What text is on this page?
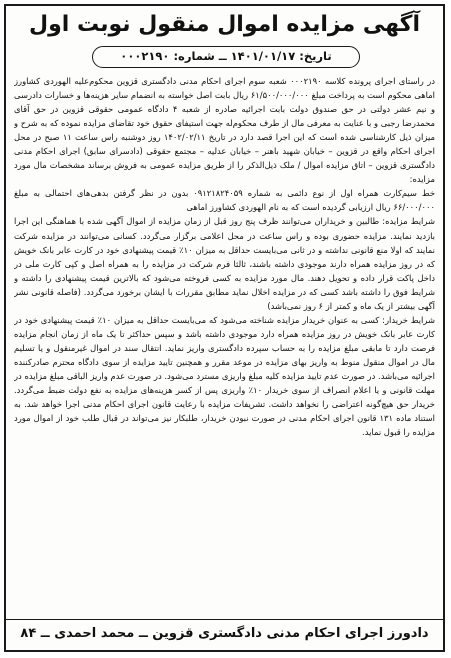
آگهی مزایده اموال منقول نوبت اول
تاریخ: ۱۴۰۱/۰۱/۱۷ ــ شماره: ۰۰۰۲۱۹۰

در راستای اجرای پرونده کلاسه ۰۰۰۲۱۹۰ شعبه سوم اجرای احکام مدنی دادگستری قزوین محکوم‌علیه الهوردی کشاورز اماهی محکوم است به پرداخت مبلغ ۶۱/۵۰۰/۰۰۰/۰۰۰ ریال بابت اصل خواسته به انضمام سایر هزینه‌ها و خسارات دادرسی و نیم عشر دولتی در حق صندوق دولت بابت اجرائیه صادره از شعبه ۴ دادگاه عمومی حقوقی قزوین در حق آقای محمدرضا رجبی و با عنایت به معرفی مال از طرف محکوم‌له جهت استیفای حقوق خود تقاضای مزایده نموده که به شرح و میزان ذیل کارشناسی شده است که این اجرا قصد دارد در تاریخ ۱۴۰۲/۰۲/۱۱ روز دوشنبه راس ساعت ۱۱ صبح در محل اجرای احکام واقع در قزوین – خیابان شهید باهنر – خیابان عدلیه – مجتمع حقوقی (دادسرای سابق) اجرای احکام مدنی دادگستری قزوین – اتاق مزایده اموال / ملک ذیل‌الذکر را از طریق مزایده عمومی به فروش برساند مشخصات مال مورد مزایده:

خط سیم‌کارت همراه اول از نوع دائمی به شماره ۰۹۱۲۱۸۲۴۰۵۹ بدون در نظر گرفتن بدهی‌های احتمالی به مبلغ ۶۶/۰۰۰/۰۰۰ ریال ارزیابی گردیده است که به نام الهوردی کشاورز اماهی

شرایط مزایده: طالبین و خریداران می‌توانند ظرف پنج روز قبل از زمان مزایده از اموال آگهی شده با هماهنگی این اجرا بازدید نمایند. مزایده حضوری بوده و راس ساعت در محل اعلامی برگزار می‌گردد. کسانی می‌توانند در مزایده شرکت نمایند که اولا منع قانونی نداشته و در ثانی می‌بایست حداقل به میزان ۱۰٪ قیمت پیشنهادی خود در کارت عابر بانک خویش که در روز مزایده همراه دارند موجودی داشته باشند، ثالثا فرم شرکت در مزایده را به همراه اصل و کپی کارت ملی در داخل پاکت قرار داده و تحویل دهند. مال مورد مزایده به کسی فروخته می‌شود که بالاترین قیمت پیشنهادی را داشته و شرایط فوق را داشته باشد کسی که در مزایده اخلال نماید مطابق مقررات با ایشان برخورد می‌گردد. (فاصله قانونی نشر آگهی بیشتر از یک ماه و کمتر از ۶ روز نمی‌باشد)

شرایط خریدار: کسی به عنوان خریدار مزایده شناخته می‌شود که می‌بایست حداقل به میزان ۱۰٪ قیمت پیشنهادی خود در کارت عابر بانک خویش در روز مزایده همراه دارد موجودی داشته باشد و سپس حداکثر تا یک ماه از زمان انجام مزایده فرصت دارد تا مابقی مبلغ مزایده را به حساب سپرده دادگستری واریز نماید. انتقال سند در اموال غیرمنقول و یا تسلیم مال در اموال منقول منوط به واریز بهای مزایده در موعد مقرر و همچنین تایید مزایده از سوی دادگاه محترم صادرکننده اجرائیه می‌باشد. در صورت عدم تایید مزایده کلیه مبلغ واریزی مسترد می‌شود. در صورت عدم واریز الباقی مبلغ مزایده در مهلت قانونی و یا اعلام انصراف از سوی خریدار ۱۰٪ واریزی پس از کسر هزینه‌های مزایده به نفع دولت ضبط می‌گردد. خریدار حق هیچ‌گونه اعتراضی را نخواهد داشت. تشریفات مزایده با رعایت قانون اجرای احکام مدنی اجرا خواهد شد. به استناد ماده ۱۳۱ قانون اجرای احکام مدنی در صورت نبودن خریدار، طلبکار نیز می‌تواند در قبال طلب خود از اموال مورد مزایده را قبول نماید.

دادورز اجرای احکام مدنی دادگستری قزوین ــ محمد احمدی ــ ۸۴
